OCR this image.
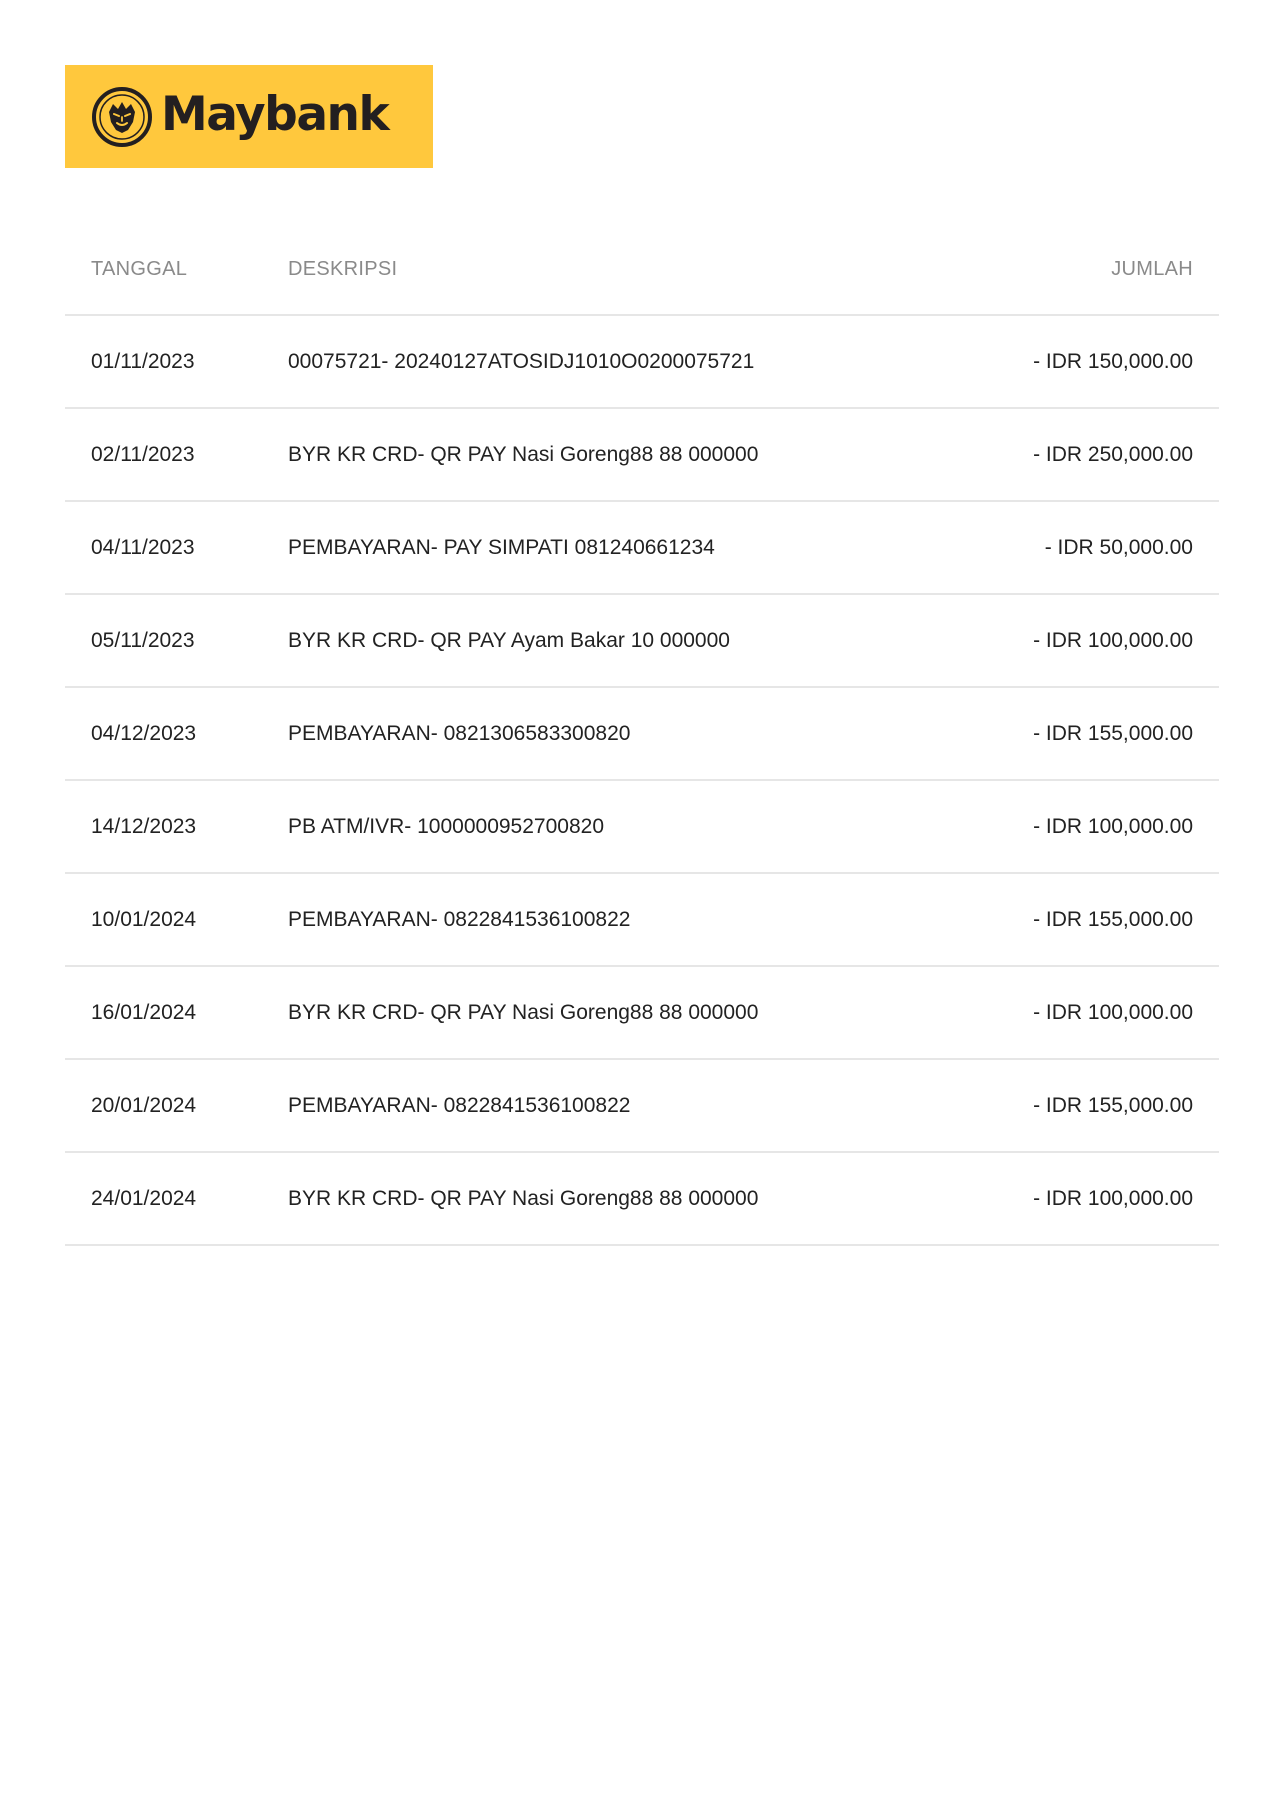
Maybank
TANGGAL	DESKRIPSI	JUMLAH
01/11/2023	00075721- 20240127ATOSIDJ1010O0200075721	- IDR 150,000.00
02/11/2023	BYR KR CRD- QR PAY Nasi Goreng88 88 000000	- IDR 250,000.00
04/11/2023	PEMBAYARAN- PAY SIMPATI 081240661234	- IDR 50,000.00
05/11/2023	BYR KR CRD- QR PAY Ayam Bakar 10 000000	- IDR 100,000.00
04/12/2023	PEMBAYARAN- 0821306583300820	- IDR 155,000.00
14/12/2023	PB ATM/IVR- 1000000952700820	- IDR 100,000.00
10/01/2024	PEMBAYARAN- 0822841536100822	- IDR 155,000.00
16/01/2024	BYR KR CRD- QR PAY Nasi Goreng88 88 000000	- IDR 100,000.00
20/01/2024	PEMBAYARAN- 0822841536100822	- IDR 155,000.00
24/01/2024	BYR KR CRD- QR PAY Nasi Goreng88 88 000000	- IDR 100,000.00
